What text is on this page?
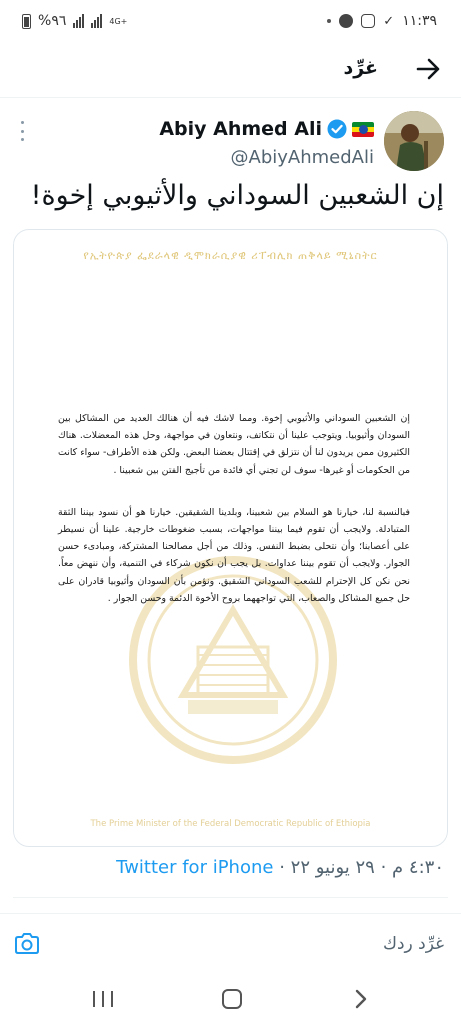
%٩٦	4G+	✓ ١١:٣٩
غرِّد
Abiy Ahmed Ali
@AbiyAhmedAli
إن الشعبين السوداني والأثيوبي إخوة!
የኢትዮጵያ ፌደራላዊ ዲሞክራሲያዊ ሪፐብሊክ ጠቅላይ ሚኒስትር

إن الشعبين السوداني والأثيوبي إخوة. ومما لاشك فيه أن هنالك العديد من المشاكل بين السودان وأثيوبيا. ويتوجب علينا أن نتكاتف، ونتعاون في مواجهة، وحل هذه المعضلات. هناك الكثيرون ممن يريدون لنا أن نتزلق في إقتتال بعضنا البعض. ولكن هذه الأطراف- سواء كانت من الحكومات أو غيرها- سوف لن تجني أي فائدة من تأجيج الفتن بين شعبينا .

فبالنسبة لنا، خيارنا هو السلام بين شعبينا، وبلدينا الشقيقين. خيارنا هو أن نسود بيننا الثقة المتبادلة. ولايجب أن تقوم فيما بيننا مواجهات، بسبب ضغوطات خارجية. علينا أن نسيطر على أعصابنا؛ وأن نتحلى بضبط النفس. وذلك من أجل مصالحنا المشتركة، ومبادىء حسن الجوار. ولايجب أن تقوم بيننا عداوات. بل يجب أن نكون شركاء في التنمية، وأن ننهض معاً. نحن نكن كل الإحترام للشعب السوداني الشقيق. ونؤمن بأن السودان وأثيوبيا قادران على حل جميع المشاكل والصعاب، التي تواجههما بروح الأخوة الدئمة وحسن الجوار .

The Prime Minister of the Federal Democratic Republic of Ethiopia
٤:٣٠ م · ٢٩ يونيو ٢٢ · Twitter for iPhone
غرِّد ردك
